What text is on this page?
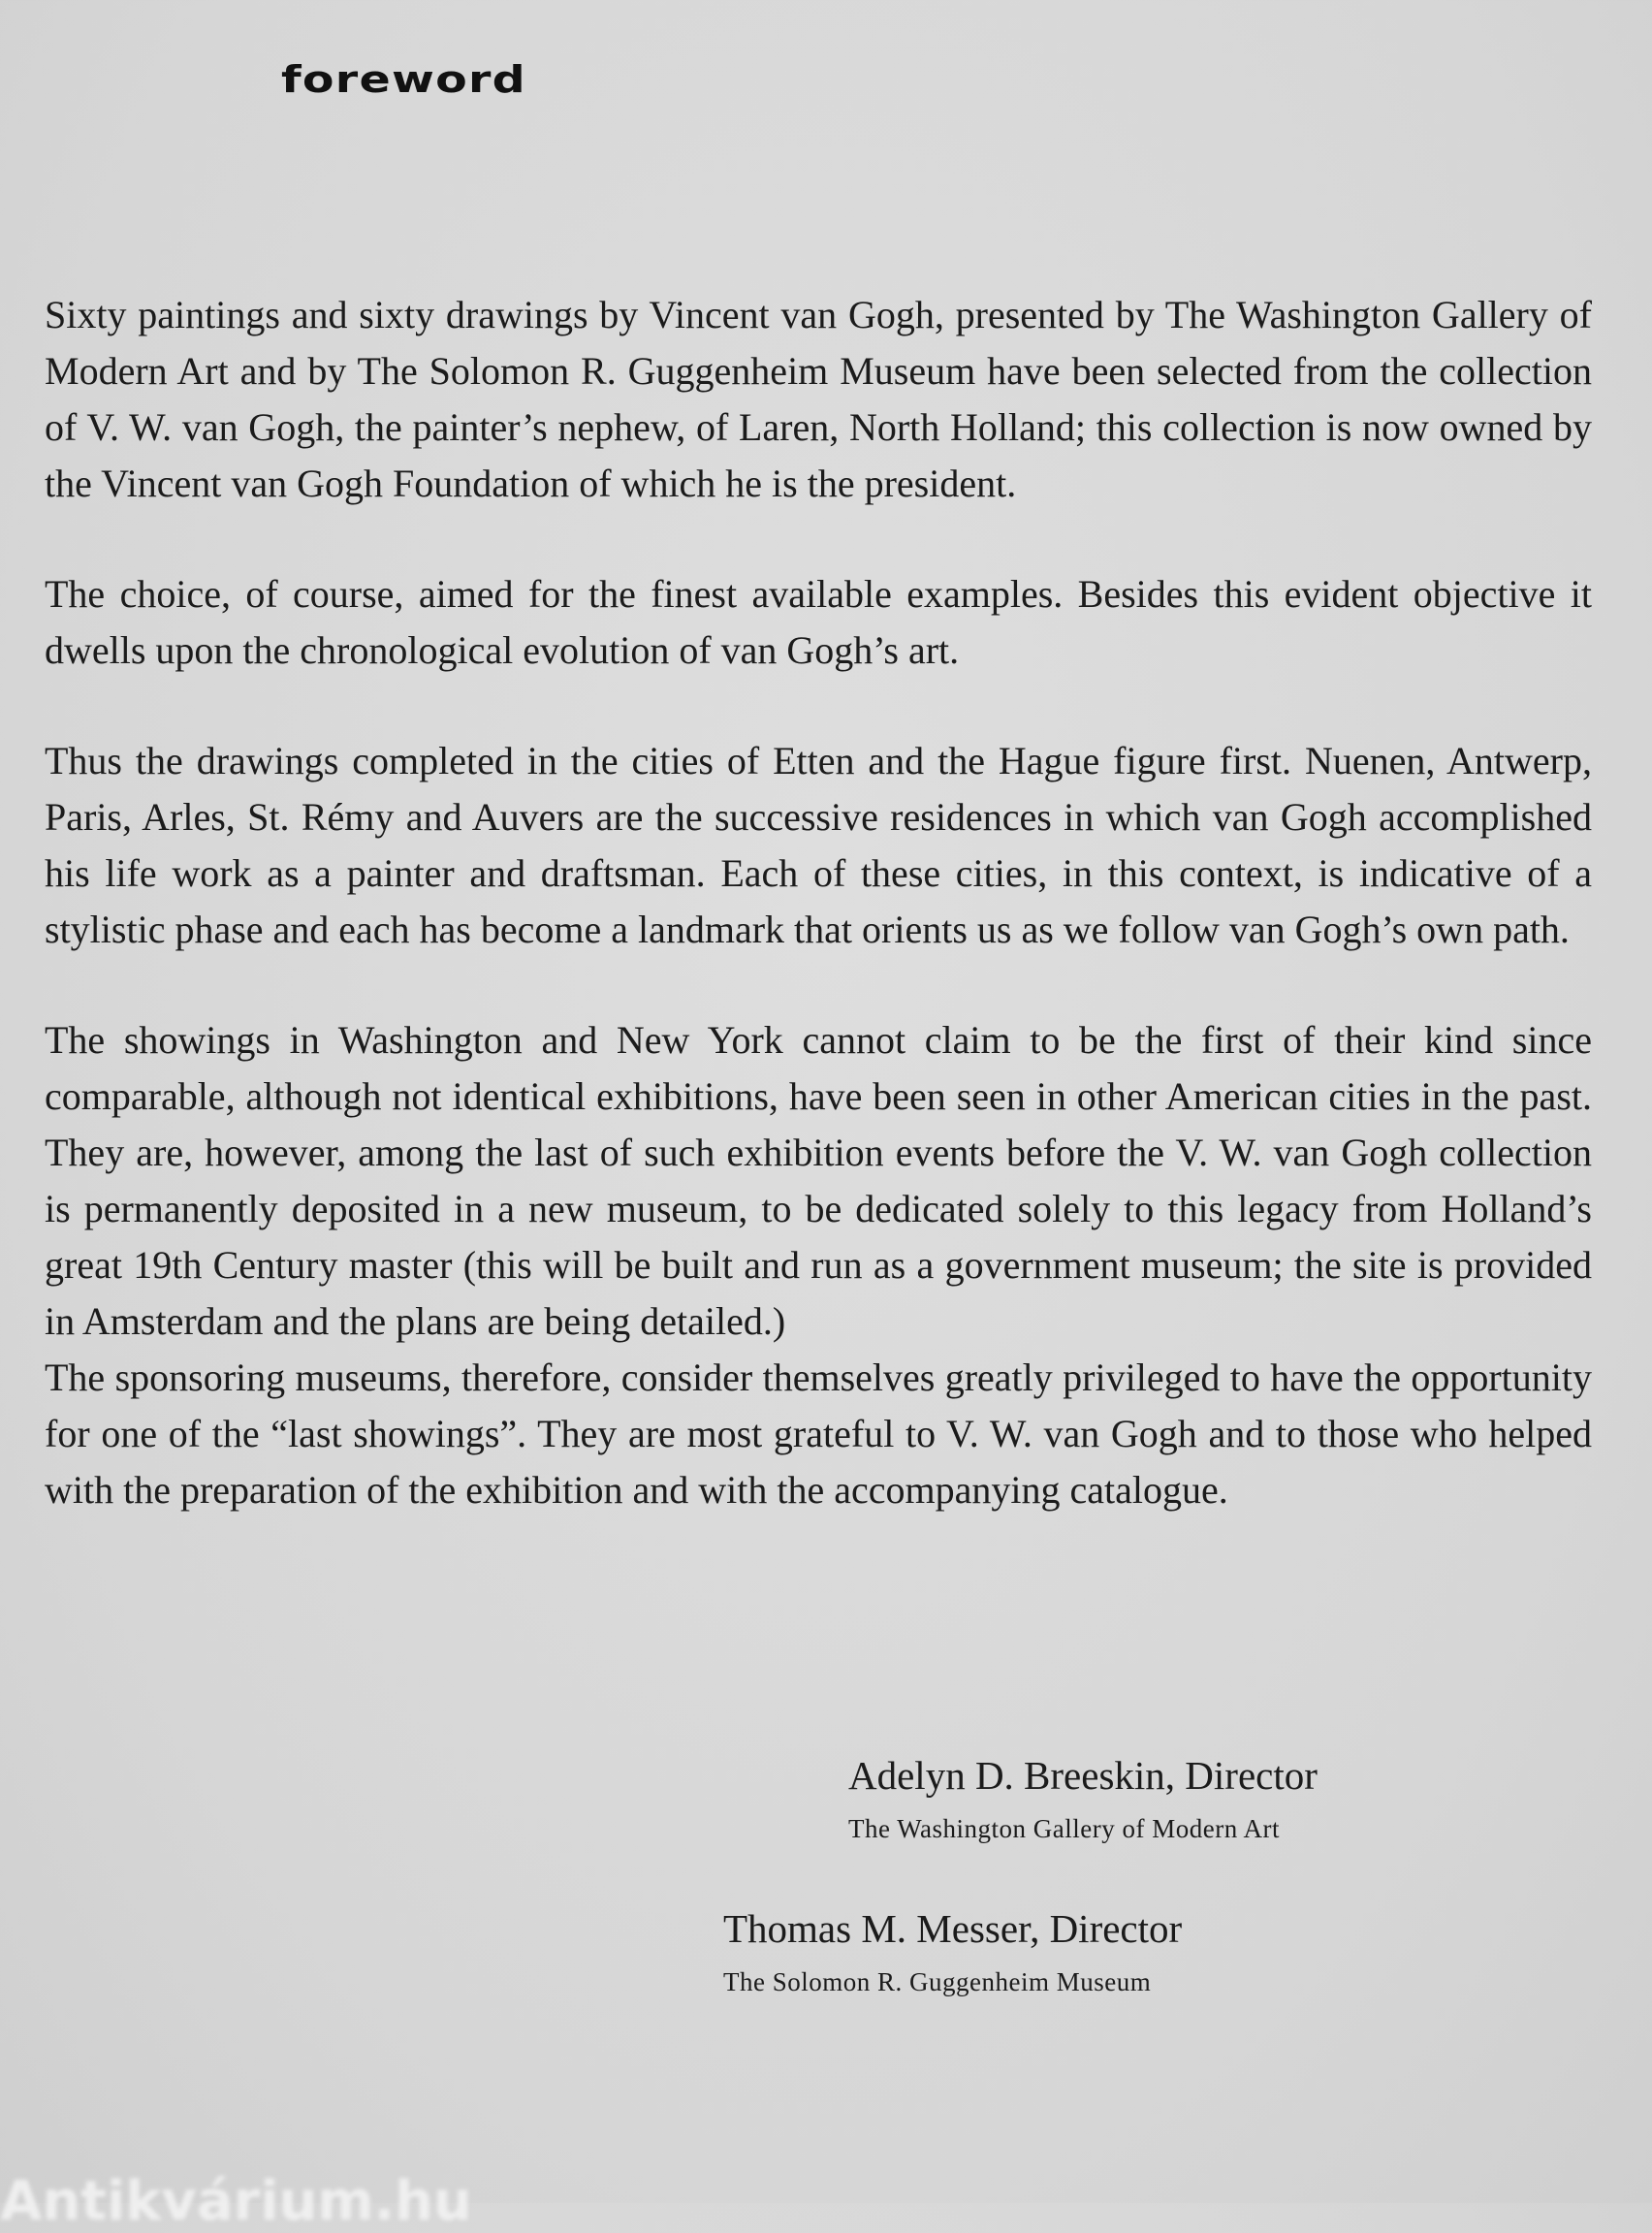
foreword

Sixty paintings and sixty drawings by Vincent van Gogh, presented by The Washington Gallery of Modern Art and by The Solomon R. Guggenheim Museum have been selected from the collection of V. W. van Gogh, the painter’s nephew, of Laren, North Holland; this collection is now owned by the Vincent van Gogh Foundation of which he is the president.

The choice, of course, aimed for the finest available examples. Besides this evident objective it dwells upon the chronological evolution of van Gogh’s art.

Thus the drawings completed in the cities of Etten and the Hague figure first. Nuenen, Antwerp, Paris, Arles, St. Rémy and Auvers are the successive residences in which van Gogh accomplished his life work as a painter and draftsman. Each of these cities, in this context, is indicative of a stylistic phase and each has become a landmark that orients us as we follow van Gogh’s own path.

The showings in Washington and New York cannot claim to be the first of their kind since comparable, although not identical exhibitions, have been seen in other American cities in the past. They are, however, among the last of such exhibition events before the V. W. van Gogh collection is permanently deposited in a new museum, to be dedicated solely to this legacy from Holland’s great 19th Century master (this will be built and run as a government museum; the site is provided in Amsterdam and the plans are being detailed.)

The sponsoring museums, therefore, consider themselves greatly privileged to have the opportunity for one of the “last showings”. They are most grateful to V. W. van Gogh and to those who helped with the preparation of the exhibition and with the accompanying catalogue.

Adelyn D. Breeskin, Director
The Washington Gallery of Modern Art
Thomas M. Messer, Director
The Solomon R. Guggenheim Museum
Antikvárium.hu
